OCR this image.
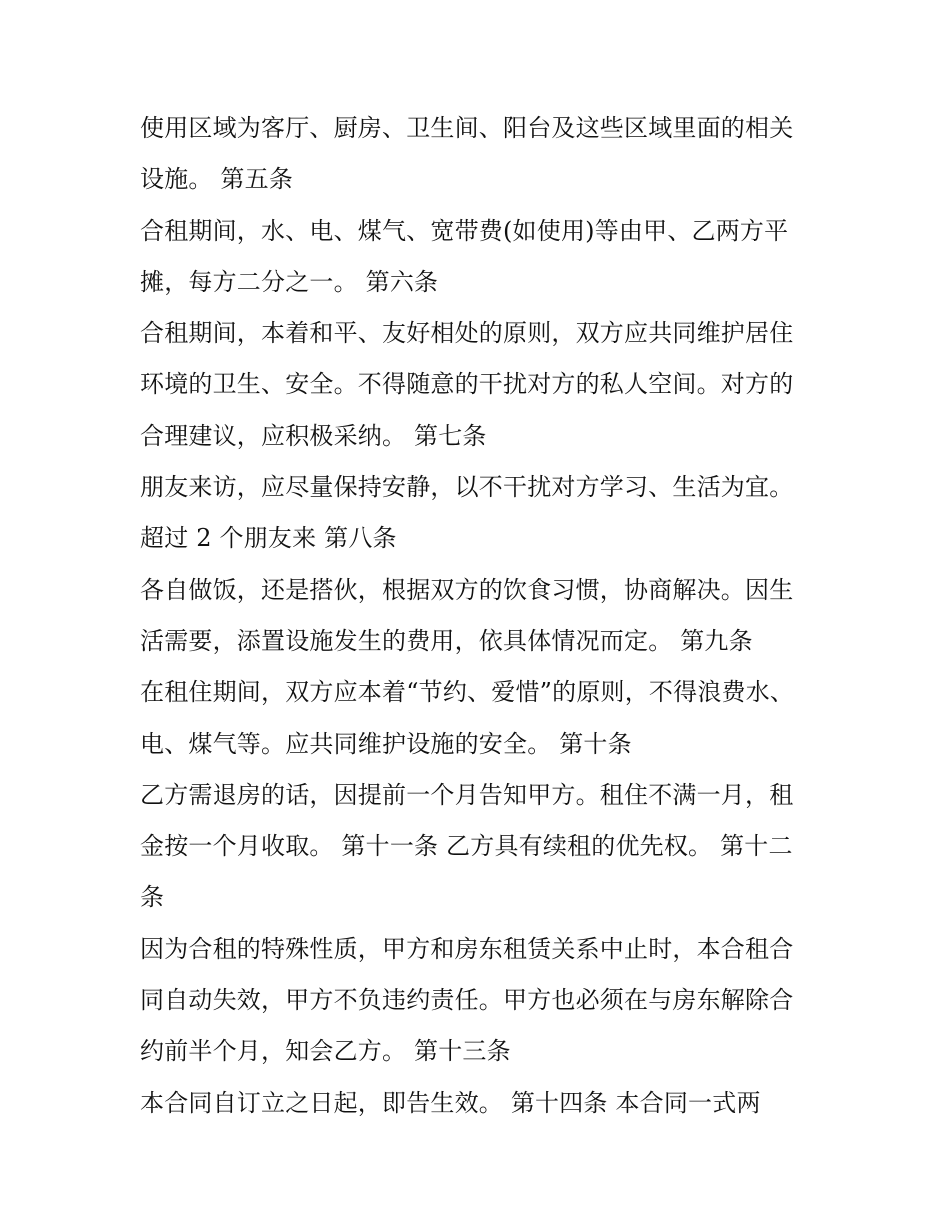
使用区域为客厅、厨房、卫生间、阳台及这些区域里面的相关
设施。 第五条
合租期间，水、电、煤气、宽带费(如使用)等由甲、乙两方平
摊，每方二分之一。 第六条
合租期间，本着和平、友好相处的原则，双方应共同维护居住
环境的卫生、安全。不得随意的干扰对方的私人空间。对方的
合理建议，应积极采纳。 第七条
朋友来访，应尽量保持安静，以不干扰对方学习、生活为宜。
超过 2 个朋友来 第八条
各自做饭，还是搭伙，根据双方的饮食习惯，协商解决。因生
活需要，添置设施发生的费用，依具体情况而定。 第九条
在租住期间，双方应本着“节约、爱惜”的原则，不得浪费水、
电、煤气等。应共同维护设施的安全。 第十条
乙方需退房的话，因提前一个月告知甲方。租住不满一月，租
金按一个月收取。 第十一条 乙方具有续租的优先权。 第十二
条
因为合租的特殊性质，甲方和房东租赁关系中止时，本合租合
同自动失效，甲方不负违约责任。甲方也必须在与房东解除合
约前半个月，知会乙方。 第十三条
本合同自订立之日起，即告生效。 第十四条 本合同一式两
